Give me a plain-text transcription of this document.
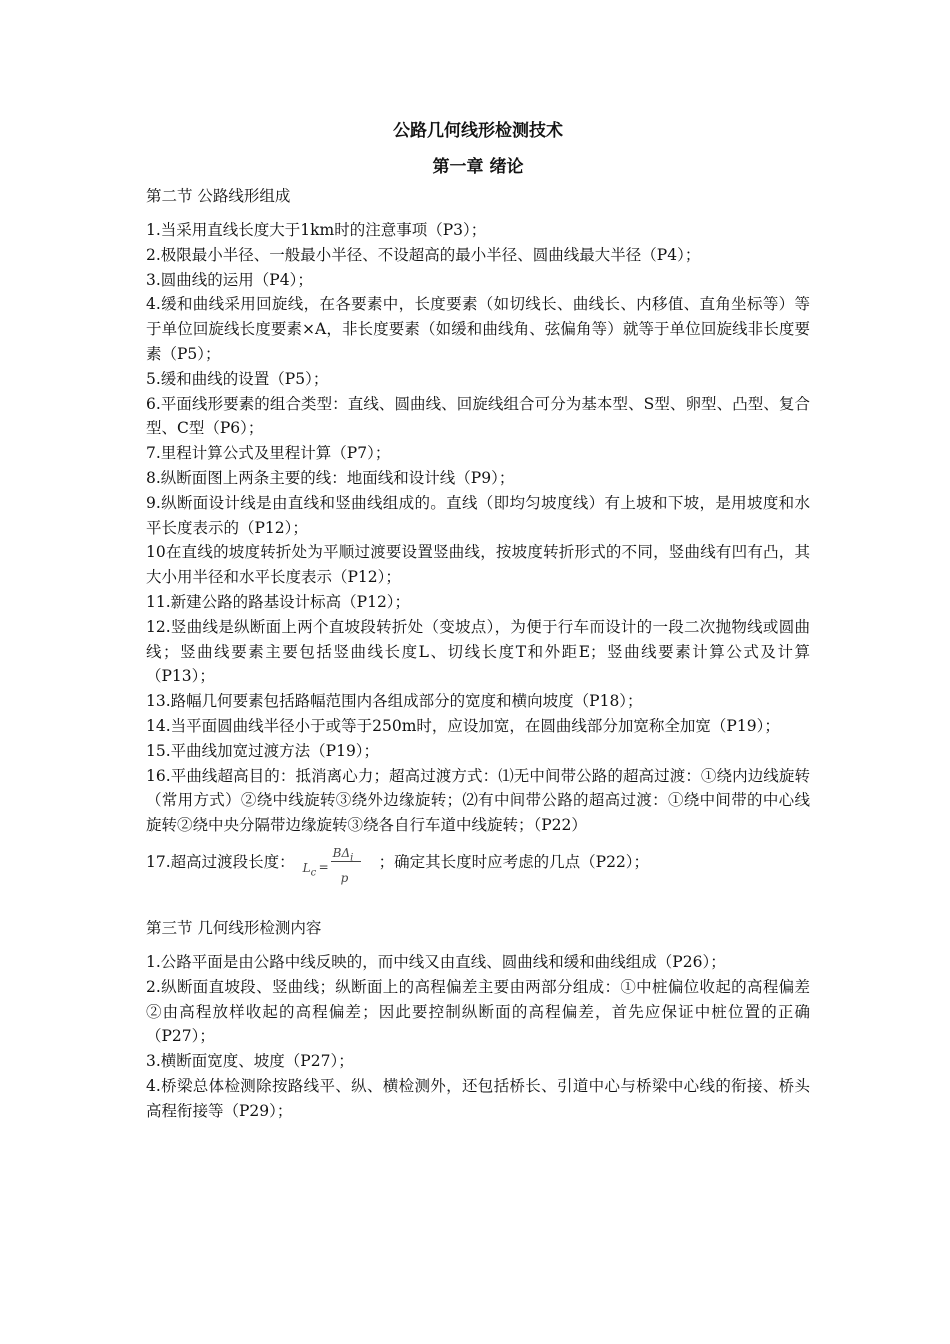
公路几何线形检测技术

第一章 绪论

第二节 公路线形组成

1.当采用直线长度大于1km时的注意事项（P3）；
2.极限最小半径、一般最小半径、不设超高的最小半径、圆曲线最大半径（P4）；
3.圆曲线的运用（P4）；
4.缓和曲线采用回旋线，在各要素中，长度要素（如切线长、曲线长、内移值、直角坐标等）等于单位回旋线长度要素×A，非长度要素（如缓和曲线角、弦偏角等）就等于单位回旋线非长度要素（P5）；
5.缓和曲线的设置（P5）；
6.平面线形要素的组合类型：直线、圆曲线、回旋线组合可分为基本型、S型、卵型、凸型、复合型、C型（P6）；
7.里程计算公式及里程计算（P7）；
8.纵断面图上两条主要的线：地面线和设计线（P9）；
9.纵断面设计线是由直线和竖曲线组成的。直线（即均匀坡度线）有上坡和下坡，是用坡度和水平长度表示的（P12）；
10在直线的坡度转折处为平顺过渡要设置竖曲线，按坡度转折形式的不同，竖曲线有凹有凸，其大小用半径和水平长度表示（P12）；
11.新建公路的路基设计标高（P12）；
12.竖曲线是纵断面上两个直坡段转折处（变坡点），为便于行车而设计的一段二次抛物线或圆曲线；竖曲线要素主要包括竖曲线长度L、切线长度T和外距E；竖曲线要素计算公式及计算（P13）；
13.路幅几何要素包括路幅范围内各组成部分的宽度和横向坡度（P18）；
14.当平面圆曲线半径小于或等于250m时，应设加宽，在圆曲线部分加宽称全加宽（P19）；
15.平曲线加宽过渡方法（P19）；
16.平曲线超高目的：抵消离心力；超高过渡方式：⑴无中间带公路的超高过渡：①绕内边线旋转（常用方式）②绕中线旋转③绕外边缘旋转；⑵有中间带公路的超高过渡：①绕中间带的中心线旋转②绕中央分隔带边缘旋转③绕各自行车道中线旋转；（P22）
17.超高过渡段长度： $L_c$ =
$B\Delta_i$
p
；确定其长度时应考虑的几点（P22）；

第三节 几何线形检测内容

1.公路平面是由公路中线反映的，而中线又由直线、圆曲线和缓和曲线组成（P26）；
2.纵断面直坡段、竖曲线；纵断面上的高程偏差主要由两部分组成：①中桩偏位收起的高程偏差②由高程放样收起的高程偏差；因此要控制纵断面的高程偏差，首先应保证中桩位置的正确（P27）；
3.横断面宽度、坡度（P27）；
4.桥梁总体检测除按路线平、纵、横检测外，还包括桥长、引道中心与桥梁中心线的衔接、桥头高程衔接等（P29）；
